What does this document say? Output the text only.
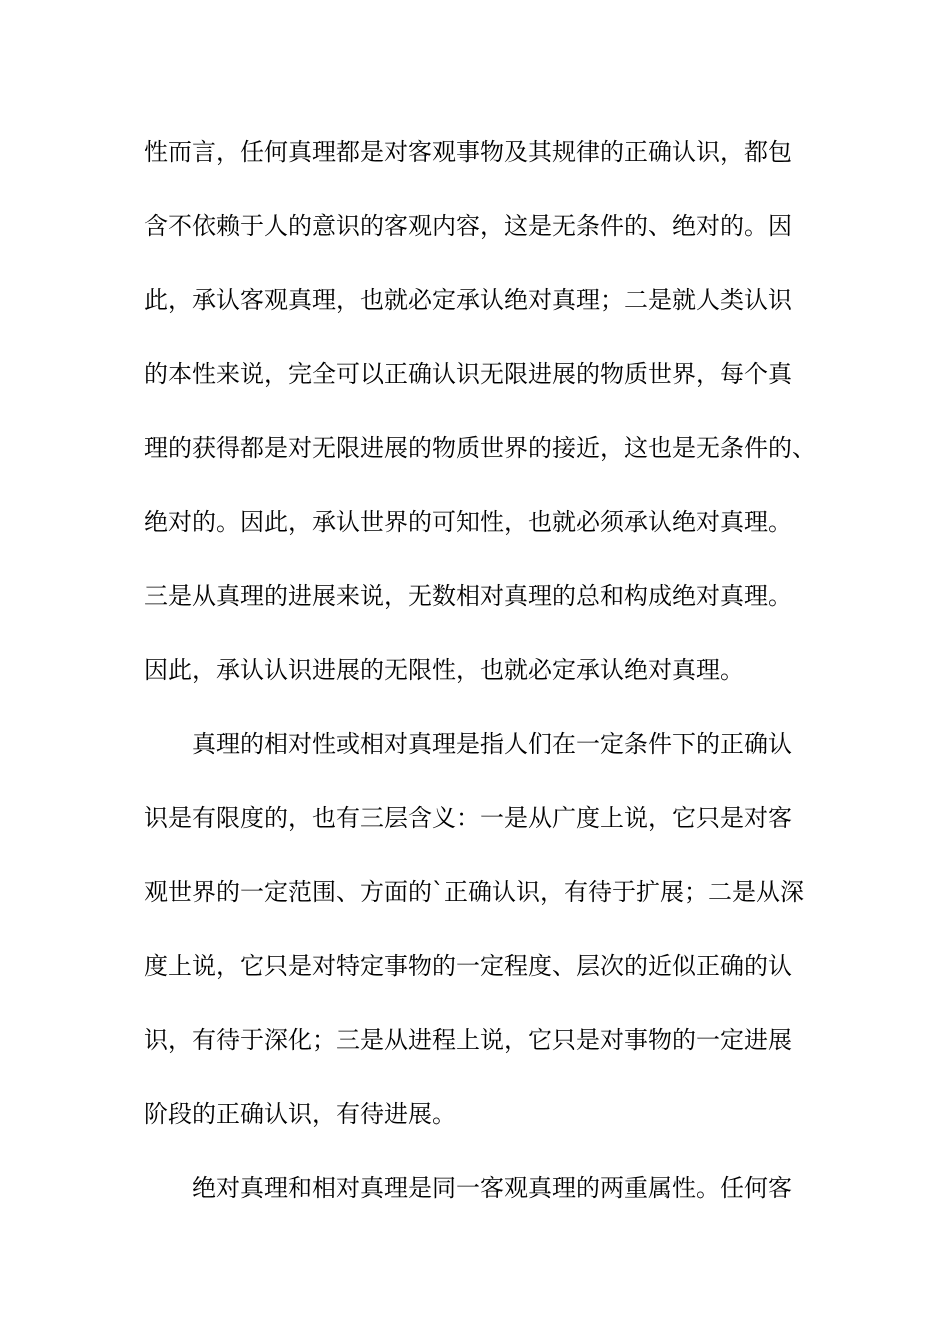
性而言，任何真理都是对客观事物及其规律的正确认识，都包
含不依赖于人的意识的客观内容，这是无条件的、绝对的。因
此，承认客观真理，也就必定承认绝对真理；二是就人类认识
的本性来说，完全可以正确认识无限进展的物质世界，每个真
理的获得都是对无限进展的物质世界的接近，这也是无条件的、
绝对的。因此，承认世界的可知性，也就必须承认绝对真理。
三是从真理的进展来说，无数相对真理的总和构成绝对真理。
因此，承认认识进展的无限性，也就必定承认绝对真理。
真理的相对性或相对真理是指人们在一定条件下的正确认
识是有限度的，也有三层含义：一是从广度上说，它只是对客
观世界的一定范围、方面的`正确认识，有待于扩展；二是从深
度上说，它只是对特定事物的一定程度、层次的近似正确的认
识，有待于深化；三是从进程上说，它只是对事物的一定进展
阶段的正确认识，有待进展。
绝对真理和相对真理是同一客观真理的两重属性。任何客
